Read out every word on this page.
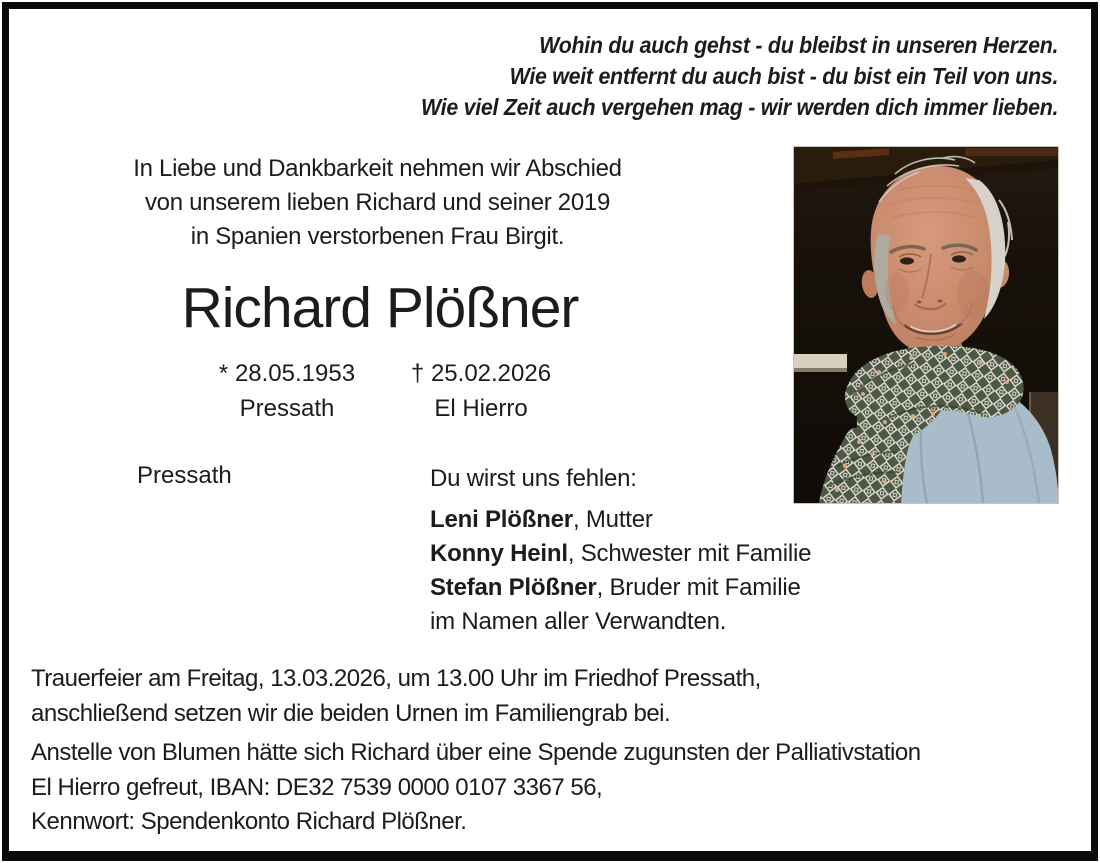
Wohin du auch gehst - du bleibst in unseren Herzen.
Wie weit entfernt du auch bist - du bist ein Teil von uns.
Wie viel Zeit auch vergehen mag - wir werden dich immer lieben.
In Liebe und Dankbarkeit nehmen wir Abschied
von unserem lieben Richard und seiner 2019
in Spanien verstorbenen Frau Birgit.
Richard Plößner
* 28.05.1953
Pressath
† 25.02.2026
El Hierro
Pressath	Du wirst uns fehlen:
Leni Plößner, Mutter
Konny Heinl, Schwester mit Familie
Stefan Plößner, Bruder mit Familie
im Namen aller Verwandten.
Trauerfeier am Freitag, 13.03.2026, um 13.00 Uhr im Friedhof Pressath,
anschließend setzen wir die beiden Urnen im Familiengrab bei.
Anstelle von Blumen hätte sich Richard über eine Spende zugunsten der Palliativstation
El Hierro gefreut, IBAN: DE32 7539 0000 0107 3367 56,
Kennwort: Spendenkonto Richard Plößner.
